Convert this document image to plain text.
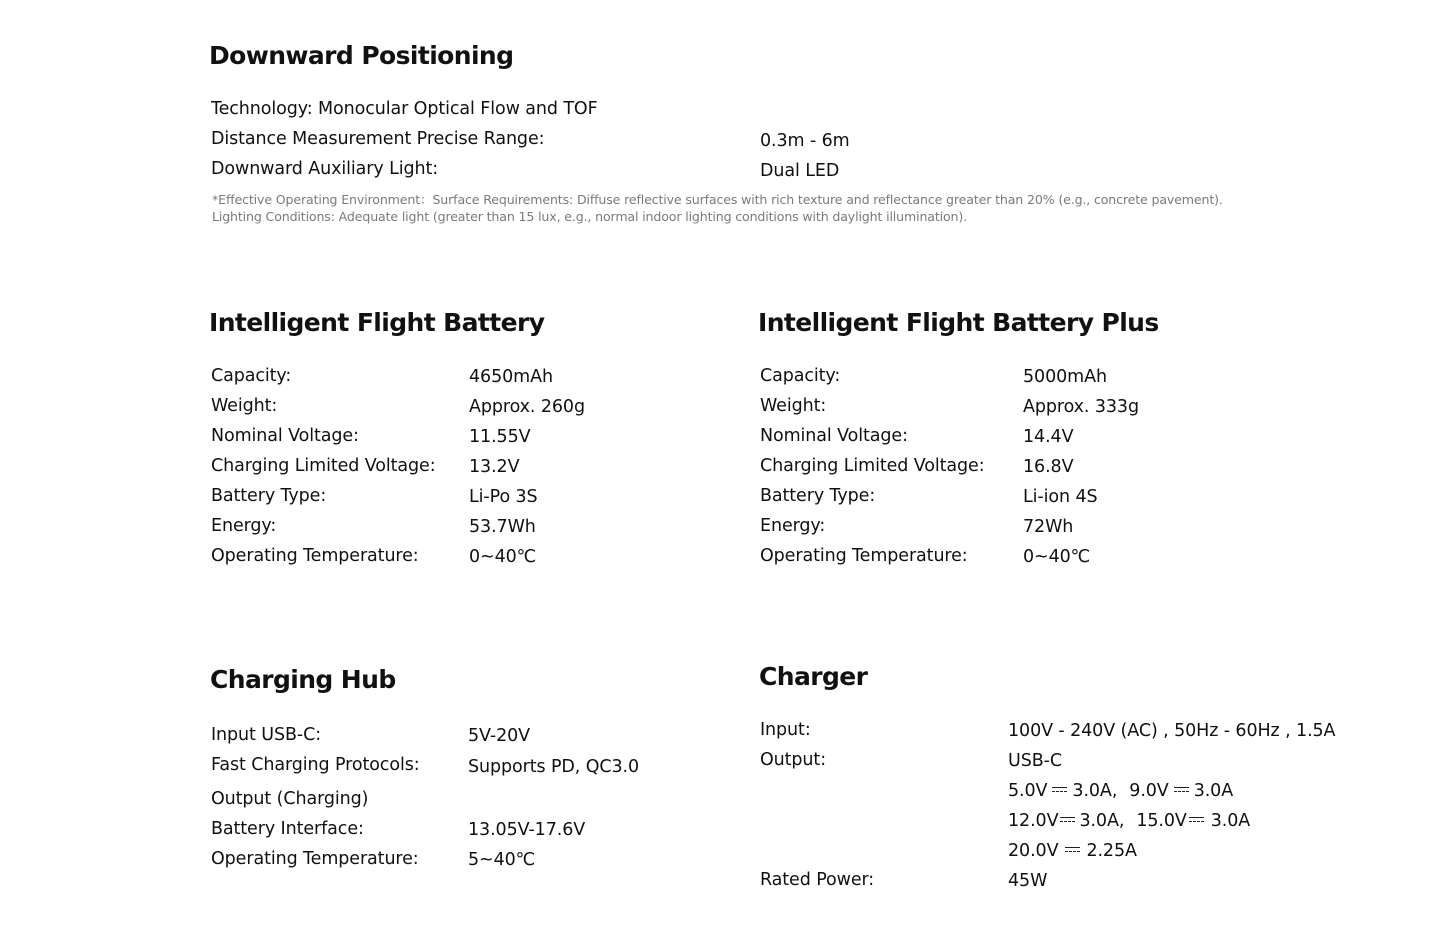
Downward Positioning
Technology: Monocular Optical Flow and TOF
Distance Measurement Precise Range:	0.3m - 6m
Downward Auxiliary Light:	Dual LED
*Effective Operating Environment：Surface Requirements: Diffuse reflective surfaces with rich texture and reflectance greater than 20% (e.g., concrete pavement).
Lighting Conditions: Adequate light (greater than 15 lux, e.g., normal indoor lighting conditions with daylight illumination).
Intelligent Flight Battery
Capacity:	4650mAh
Weight:	Approx. 260g
Nominal Voltage:	11.55V
Charging Limited Voltage: 13.2V
Battery Type:	Li-Po 3S
Energy:	53.7Wh
Operating Temperature:	0~40℃
Intelligent Flight Battery Plus
Capacity:	5000mAh
Weight:	Approx. 333g
Nominal Voltage:	14.4V
Charging Limited Voltage: 16.8V
Battery Type:	Li-ion 4S
Energy:	72Wh
Operating Temperature:	0~40℃
Charging Hub
Input USB-C:	5V-20V
Fast Charging Protocols:	Supports PD, QC3.0
Output (Charging)
Battery Interface:	13.05V-17.6V
Operating Temperature:	5~40℃
Charger
Input:	100V - 240V (AC) , 50Hz - 60Hz , 1.5A
Output:	USB-C
5.0V 3.0A, 9.0V 3.0A
12.0V 3.0A, 15.0V 3.0A
20.0V 2.25A
Rated Power:	45W
